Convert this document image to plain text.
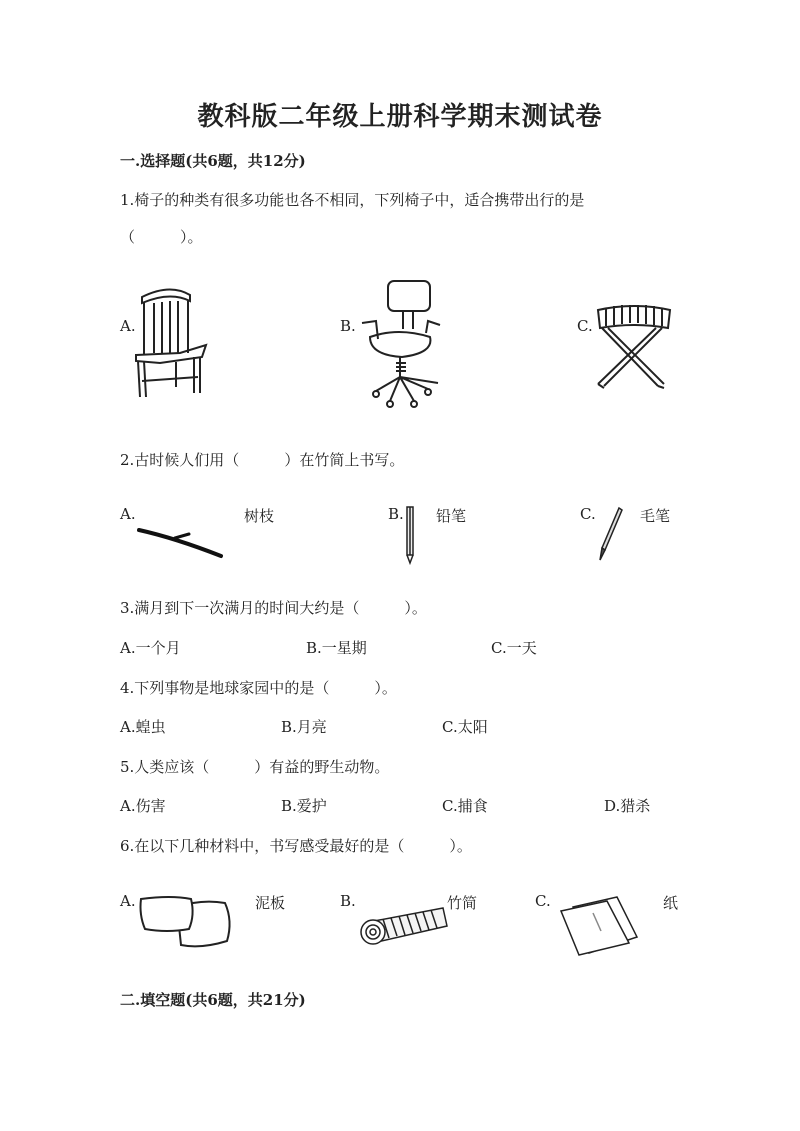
教科版二年级上册科学期末测试卷
一.选择题(共6题，共12分)
1.椅子的种类有很多功能也各不相同，下列椅子中，适合携带出行的是
（　　　）。
A.	B.	C.
2.古时候人们用（　　　）在竹简上书写。
A.	树枝	B. 铅笔	C.	毛笔
3.满月到下一次满月的时间大约是（　　　）。
A.一个月	B.一星期	C.一天
4.下列事物是地球家园中的是（　　　）。
A.蝗虫	B.月亮	C.太阳
5.人类应该（　　　）有益的野生动物。
A.伤害	B.爱护	C.捕食	D.猎杀
6.在以下几种材料中，书写感受最好的是（　　　）。
A.	泥板	B.	竹简	C.	纸
二.填空题(共6题，共21分)
